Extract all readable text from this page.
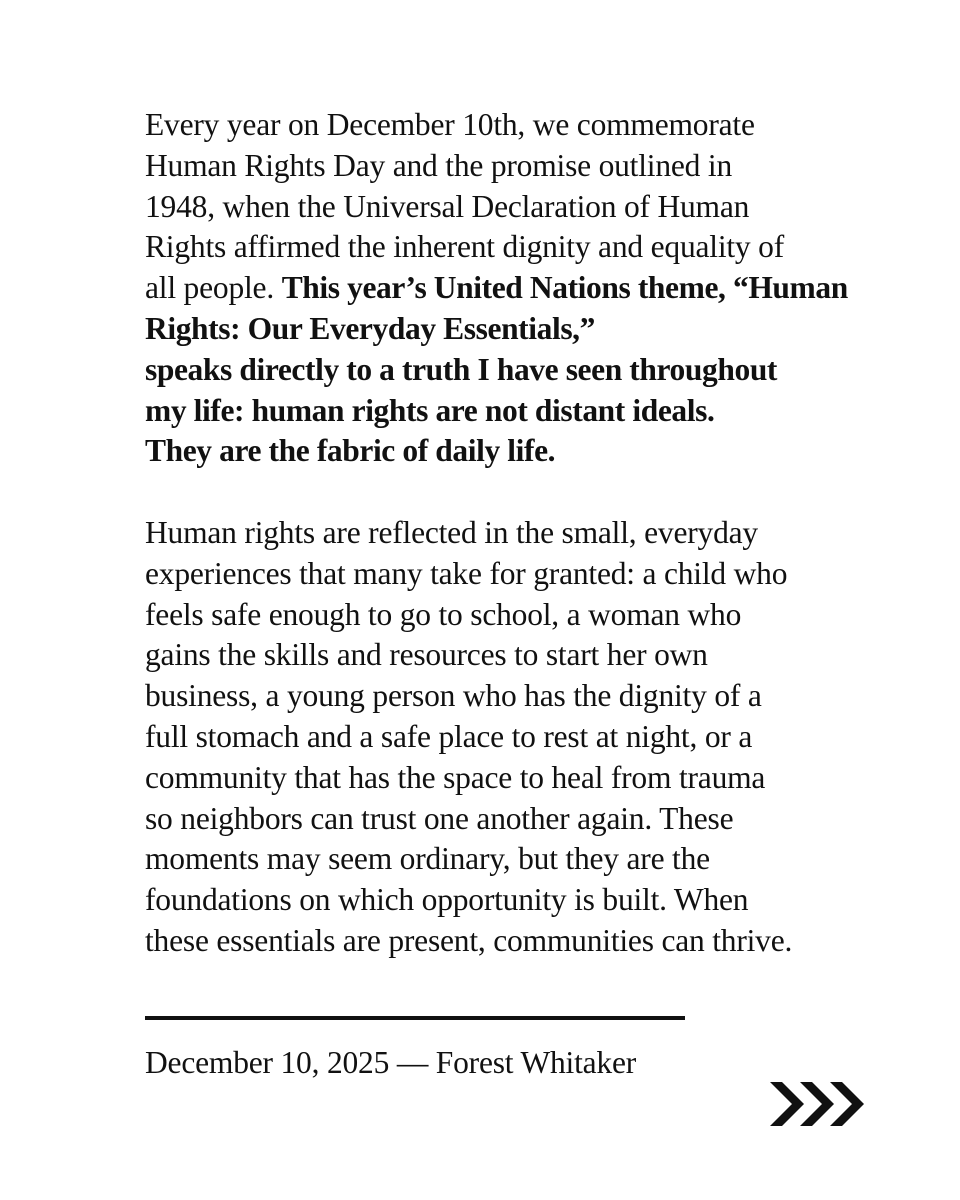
Every year on December 10th, we commemorate
Human Rights Day and the promise outlined in
1948, when the Universal Declaration of Human
Rights affirmed the inherent dignity and equality of
all people. This year’s United Nations theme, “Human
Rights: Our Everyday Essentials,”
speaks directly to a truth I have seen throughout
my life: human rights are not distant ideals.
They are the fabric of daily life.

Human rights are reflected in the small, everyday
experiences that many take for granted: a child who
feels safe enough to go to school, a woman who
gains the skills and resources to start her own
business, a young person who has the dignity of a
full stomach and a safe place to rest at night, or a
community that has the space to heal from trauma
so neighbors can trust one another again. These
moments may seem ordinary, but they are the
foundations on which opportunity is built. When
these essentials are present, communities can thrive.

December 10, 2025 — Forest Whitaker
